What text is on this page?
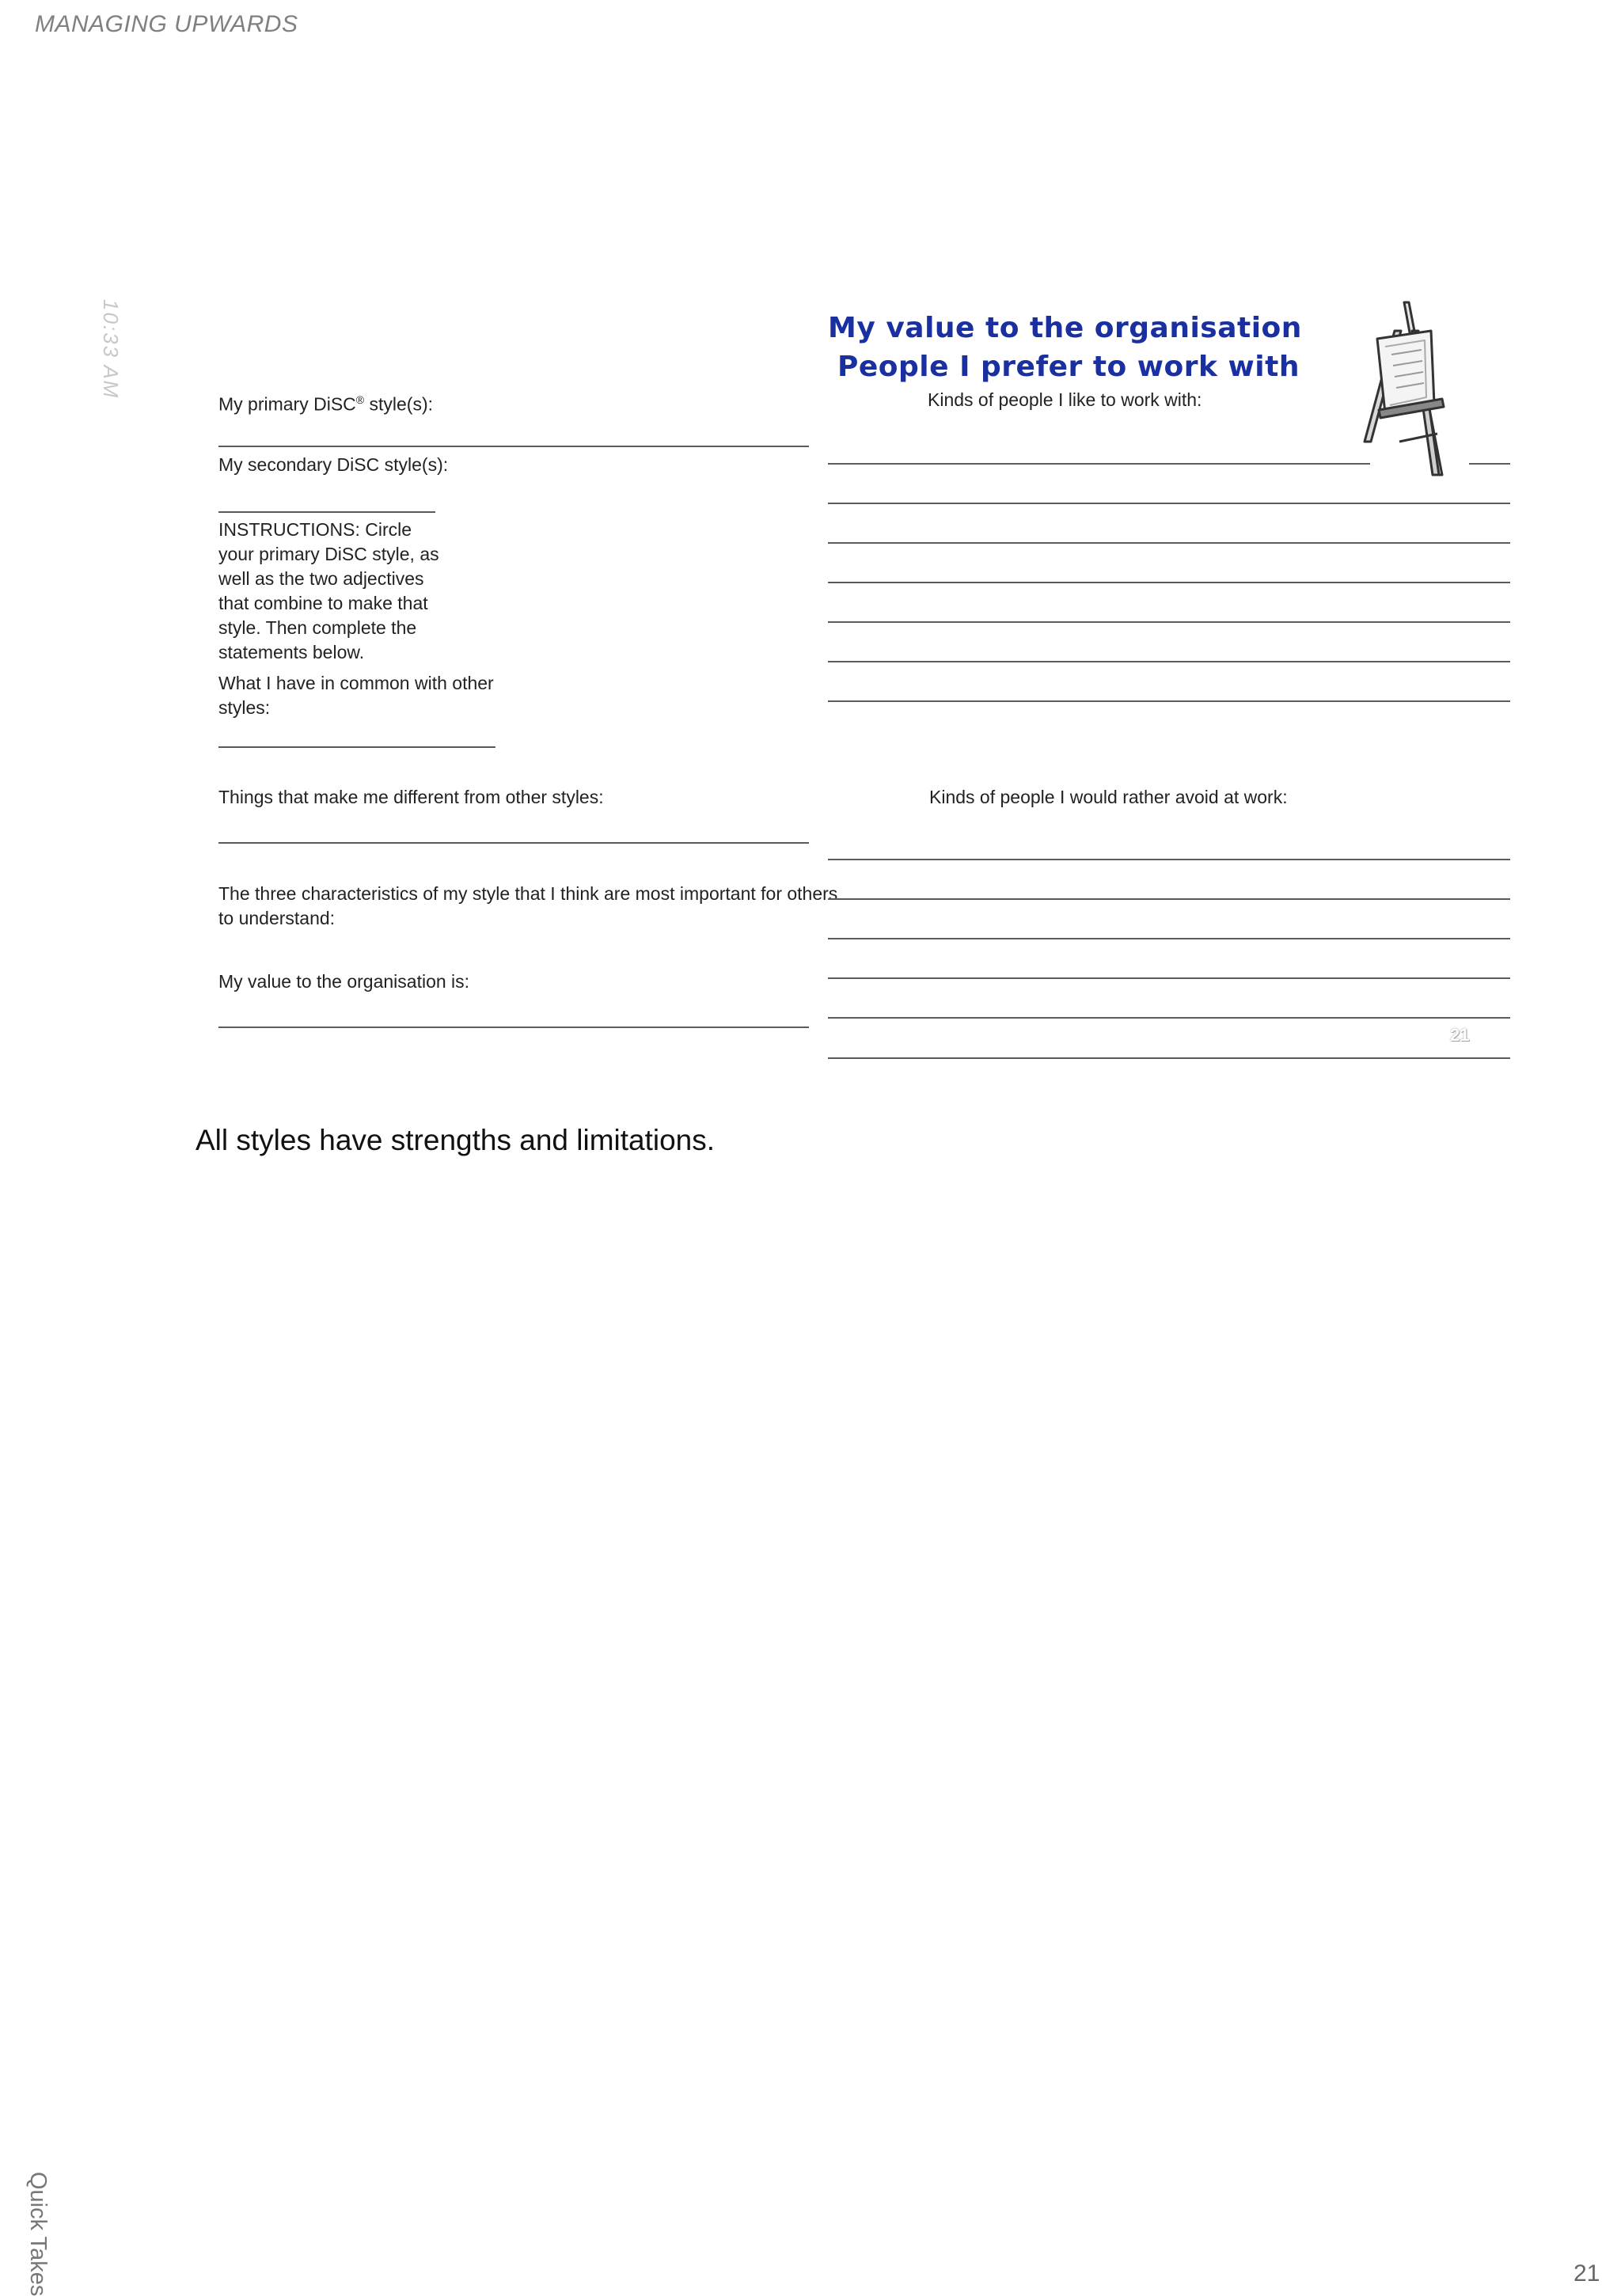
MANAGING UPWARDS
10:33 AM	My value to the organisation
People I prefer to work with
My primary DiSC® style(s):
My secondary DiSC style(s):
INSTRUCTIONS: Circle
your primary DiSC style, as
well as the two adjectives
that combine to make that
style. Then complete the
statements below.
What I have in common with other
styles:
Things that make me different from other styles:
The three characteristics of my style that I think are most important for others
to understand:
My value to the organisation is:
Kinds of people I like to work with:
Kinds of people I would rather avoid at work:
21
All styles have strengths and limitations.
Quick Takes	21
